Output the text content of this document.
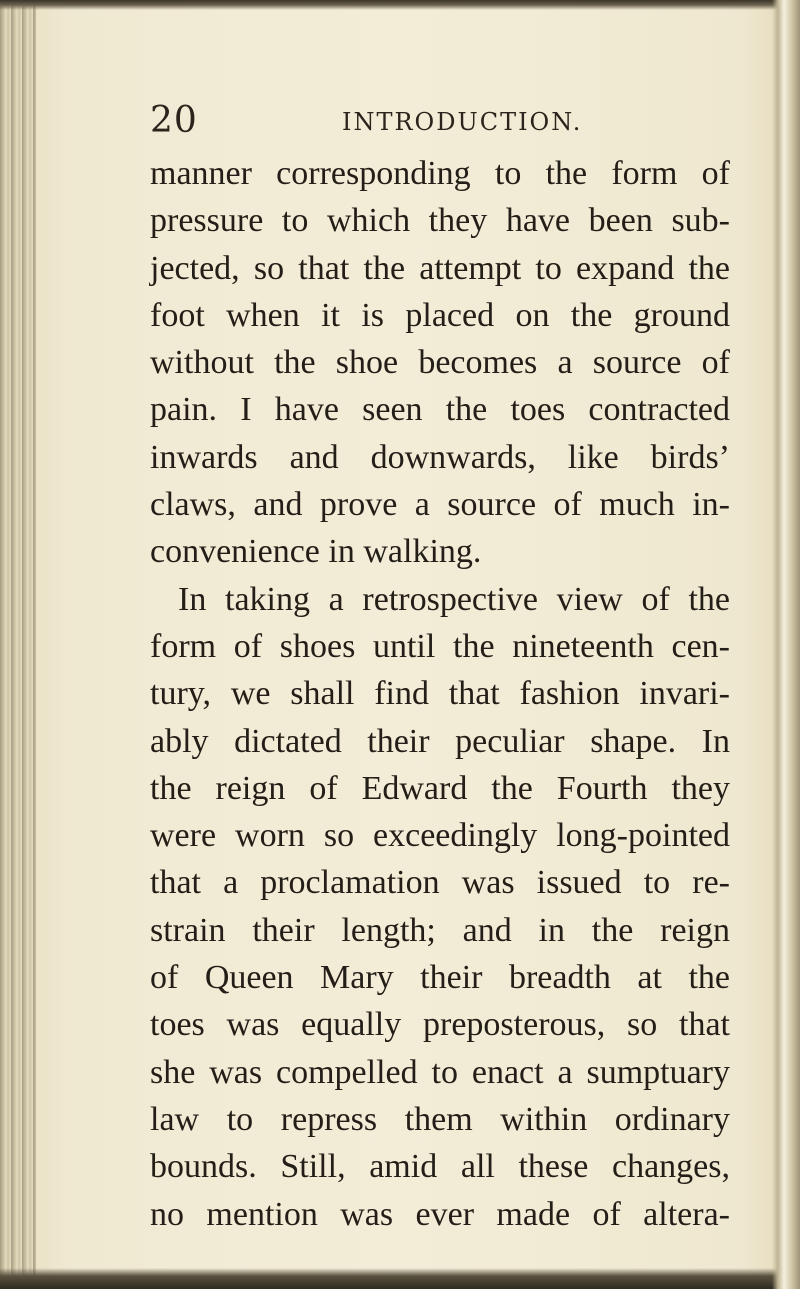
20	INTRODUCTION.
manner corresponding to the form of
pressure to which they have been sub-
jected, so that the attempt to expand the
foot when it is placed on the ground
without the shoe becomes a source of
pain. I have seen the toes contracted
inwards and downwards, like birds’
claws, and prove a source of much in-
convenience in walking.
In taking a retrospective view of the
form of shoes until the nineteenth cen-
tury, we shall find that fashion invari-
ably dictated their peculiar shape. In
the reign of Edward the Fourth they
were worn so exceedingly long-pointed
that a proclamation was issued to re-
strain their length; and in the reign
of Queen Mary their breadth at the
toes was equally preposterous, so that
she was compelled to enact a sumptuary
law to repress them within ordinary
bounds. Still, amid all these changes,
no mention was ever made of altera-
